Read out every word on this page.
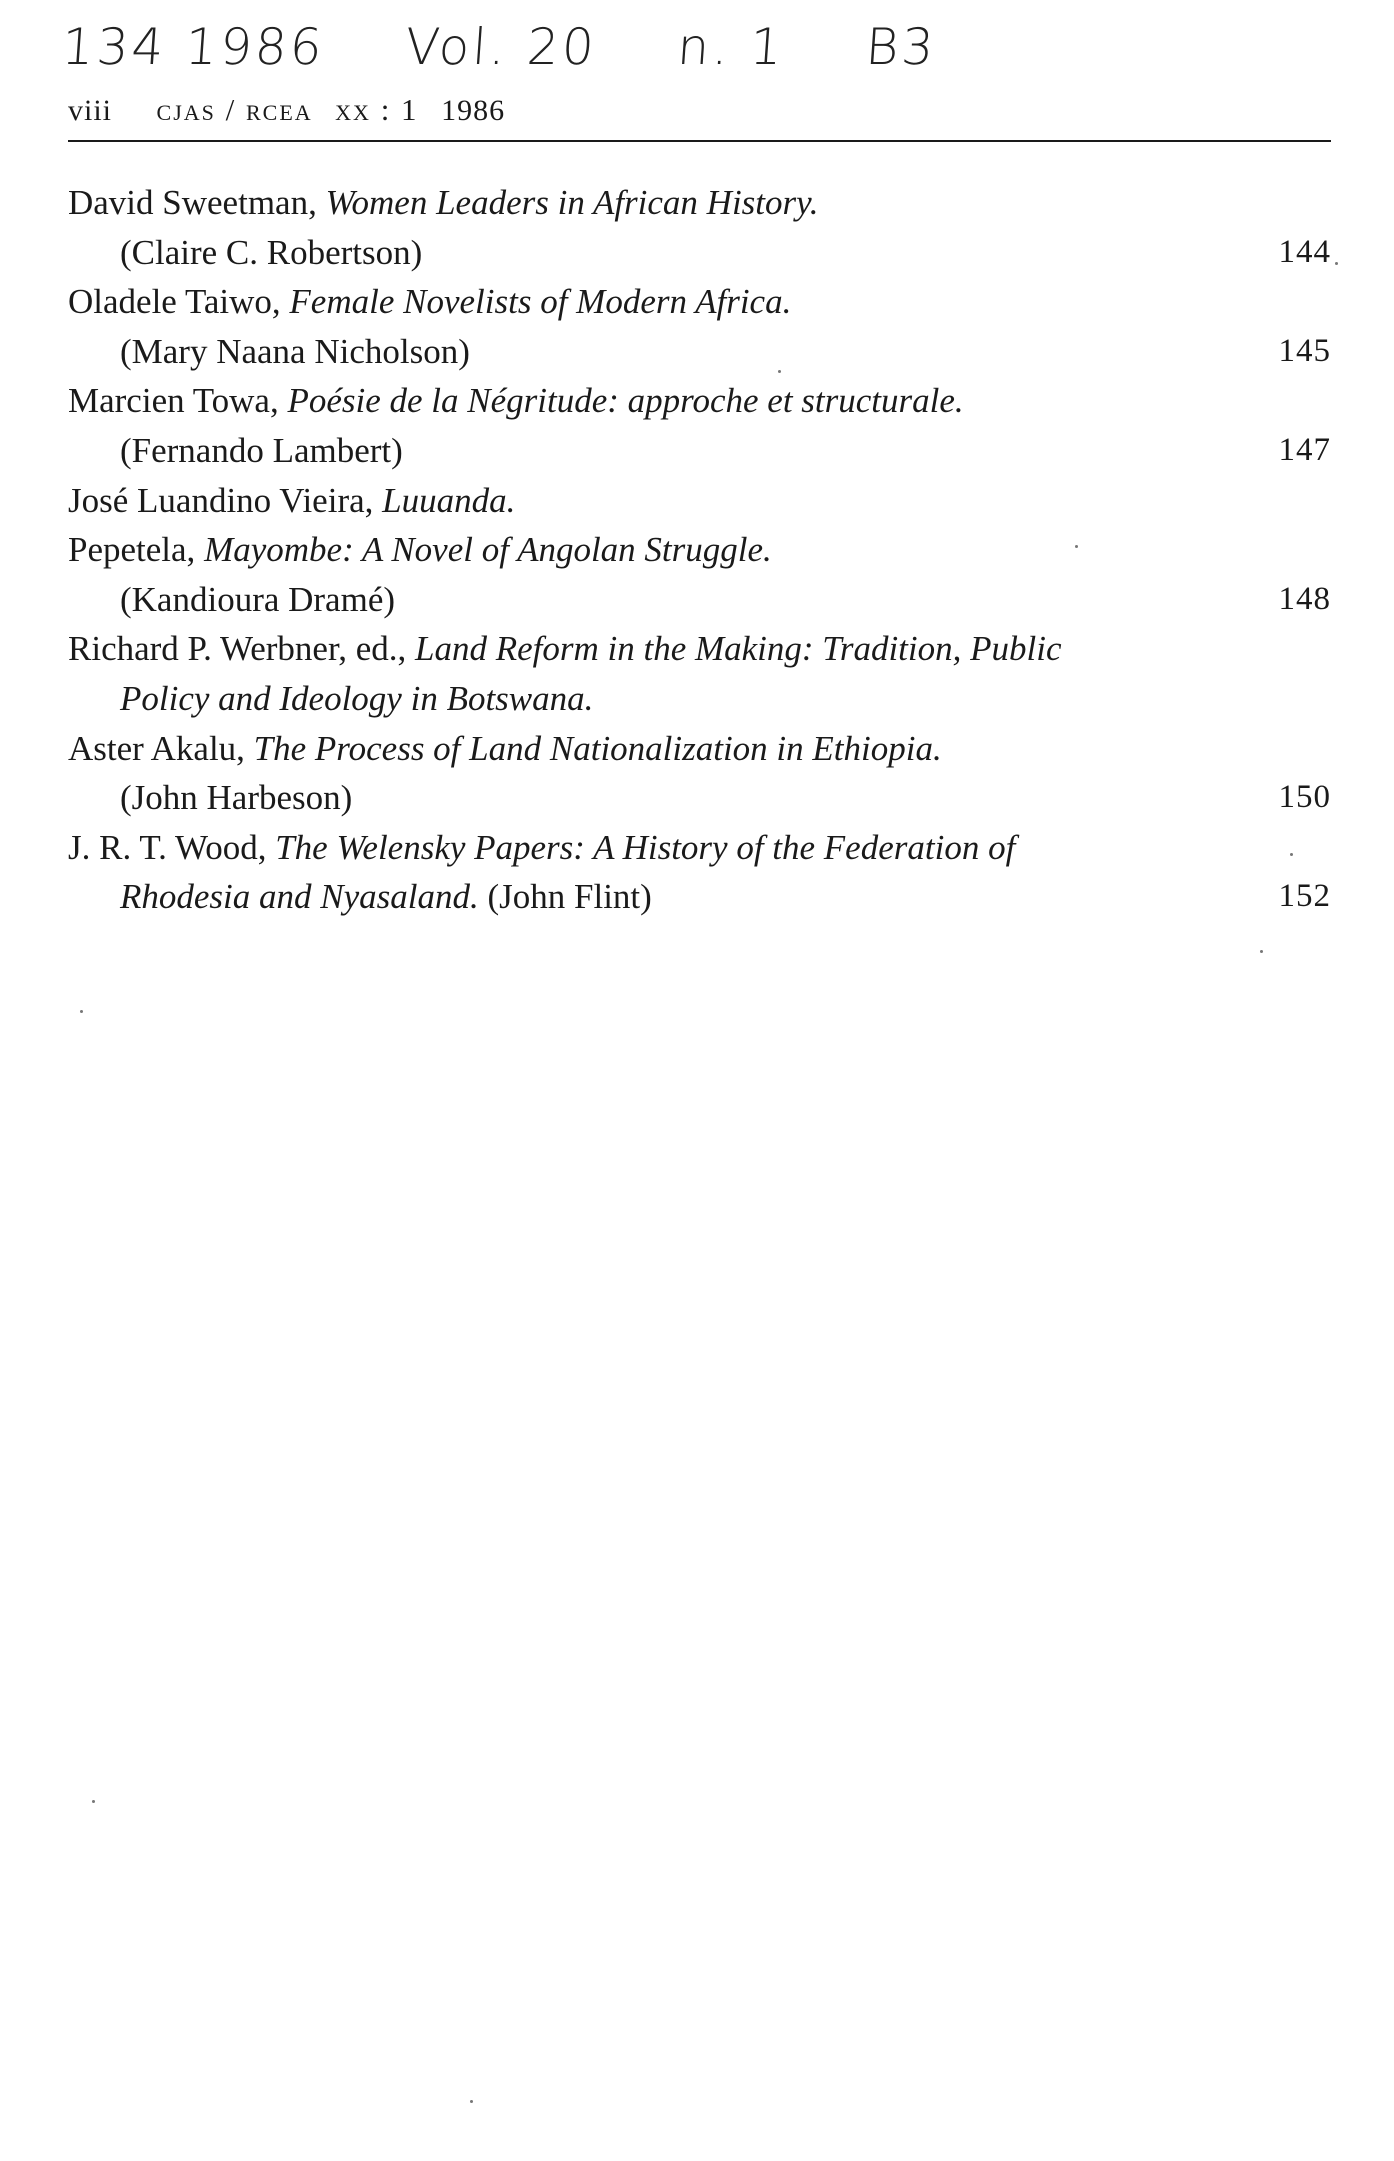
134 1986 Vol. 20 n. 1 B3
viii cjas / rcea xx : 1 1986
David Sweetman, Women Leaders in African History.
(Claire C. Robertson)	144
Oladele Taiwo, Female Novelists of Modern Africa.
(Mary Naana Nicholson)	145
Marcien Towa, Poésie de la Négritude: approche et structurale.
(Fernando Lambert)	147
José Luandino Vieira, Luuanda.
Pepetela, Mayombe: A Novel of Angolan Struggle.
(Kandioura Dramé)	148
Richard P. Werbner, ed., Land Reform in the Making: Tradition, Public
Policy and Ideology in Botswana.
Aster Akalu, The Process of Land Nationalization in Ethiopia.
(John Harbeson)	150
J. R. T. Wood, The Welensky Papers: A History of the Federation of
Rhodesia and Nyasaland. (John Flint)	152
